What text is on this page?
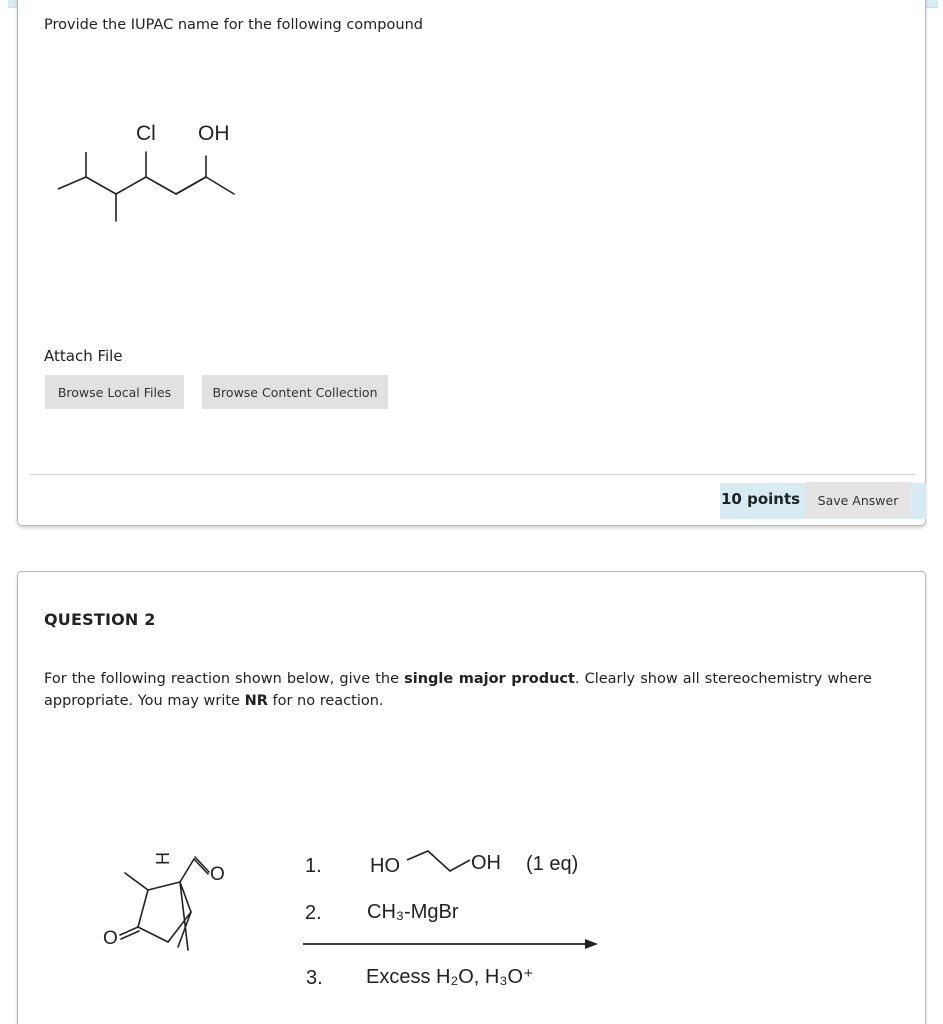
Provide the IUPAC name for the following compound
OH
Cl
Attach File
Browse Local Files	Browse Content Collection
10 points	Save Answer
QUESTION 2
For the following reaction shown below, give the single major product. Clearly show all stereochemistry where appropriate. You may write NR for no reaction.
H
O
O
1. HO	OH (1 eq)
2. CH₃-MgBr
3. Excess H₂O, H₃O⁺
